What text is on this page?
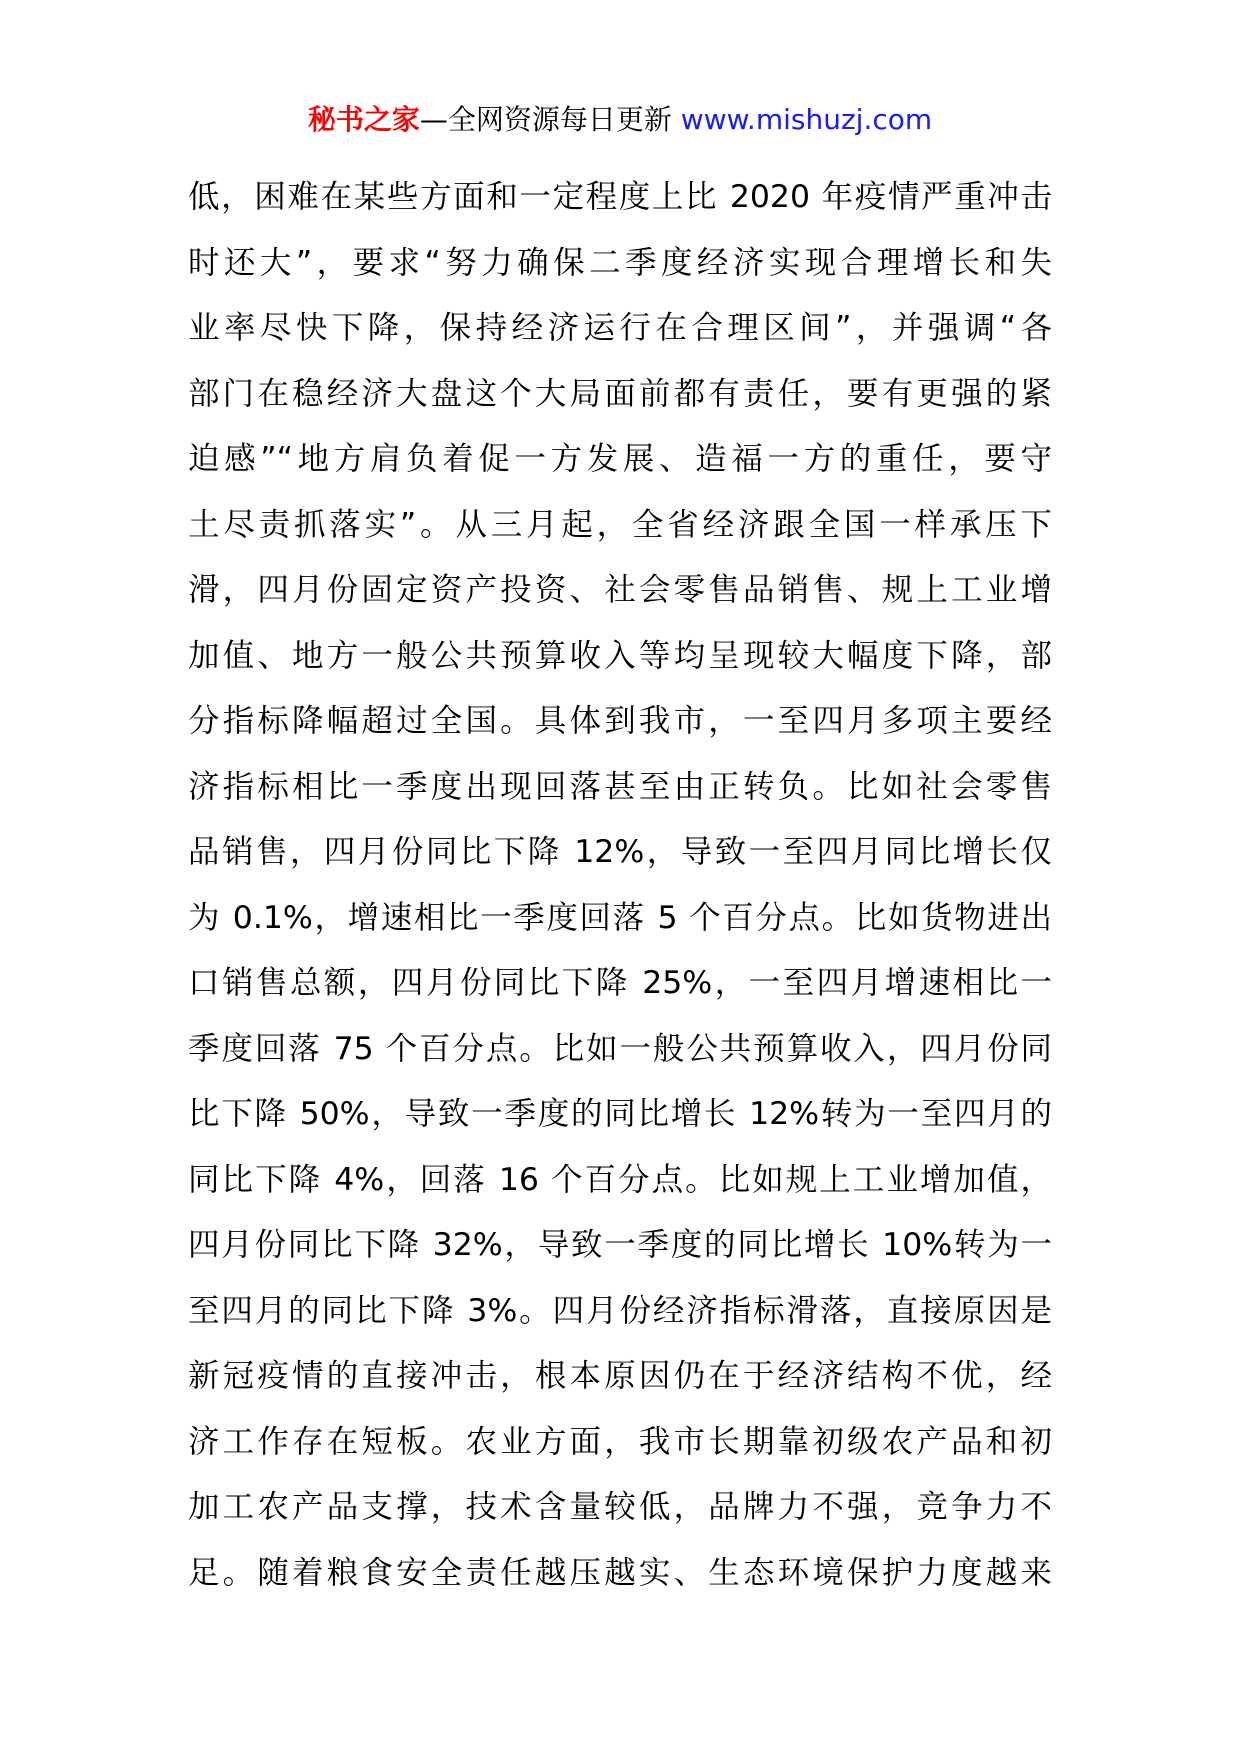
秘书之家—全网资源每日更新 www.mishuzj.com
低，困难在某些方面和一定程度上比 2020 年疫情严重冲击
时还大”，要求“努力确保二季度经济实现合理增长和失
业率尽快下降，保持经济运行在合理区间”，并强调“各
部门在稳经济大盘这个大局面前都有责任，要有更强的紧
迫感”“地方肩负着促一方发展、造福一方的重任，要守
土尽责抓落实”。从三月起，全省经济跟全国一样承压下
滑，四月份固定资产投资、社会零售品销售、规上工业增
加值、地方一般公共预算收入等均呈现较大幅度下降，部
分指标降幅超过全国。具体到我市，一至四月多项主要经
济指标相比一季度出现回落甚至由正转负。比如社会零售
品销售，四月份同比下降 12%，导致一至四月同比增长仅
为 0.1%，增速相比一季度回落 5 个百分点。比如货物进出
口销售总额，四月份同比下降 25%，一至四月增速相比一
季度回落 75 个百分点。比如一般公共预算收入，四月份同
比下降 50%，导致一季度的同比增长 12%转为一至四月的
同比下降 4%，回落 16 个百分点。比如规上工业增加值，
四月份同比下降 32%，导致一季度的同比增长 10%转为一
至四月的同比下降 3%。四月份经济指标滑落，直接原因是
新冠疫情的直接冲击，根本原因仍在于经济结构不优，经
济工作存在短板。农业方面，我市长期靠初级农产品和初
加工农产品支撑，技术含量较低，品牌力不强，竞争力不
足。随着粮食安全责任越压越实、生态环境保护力度越来
